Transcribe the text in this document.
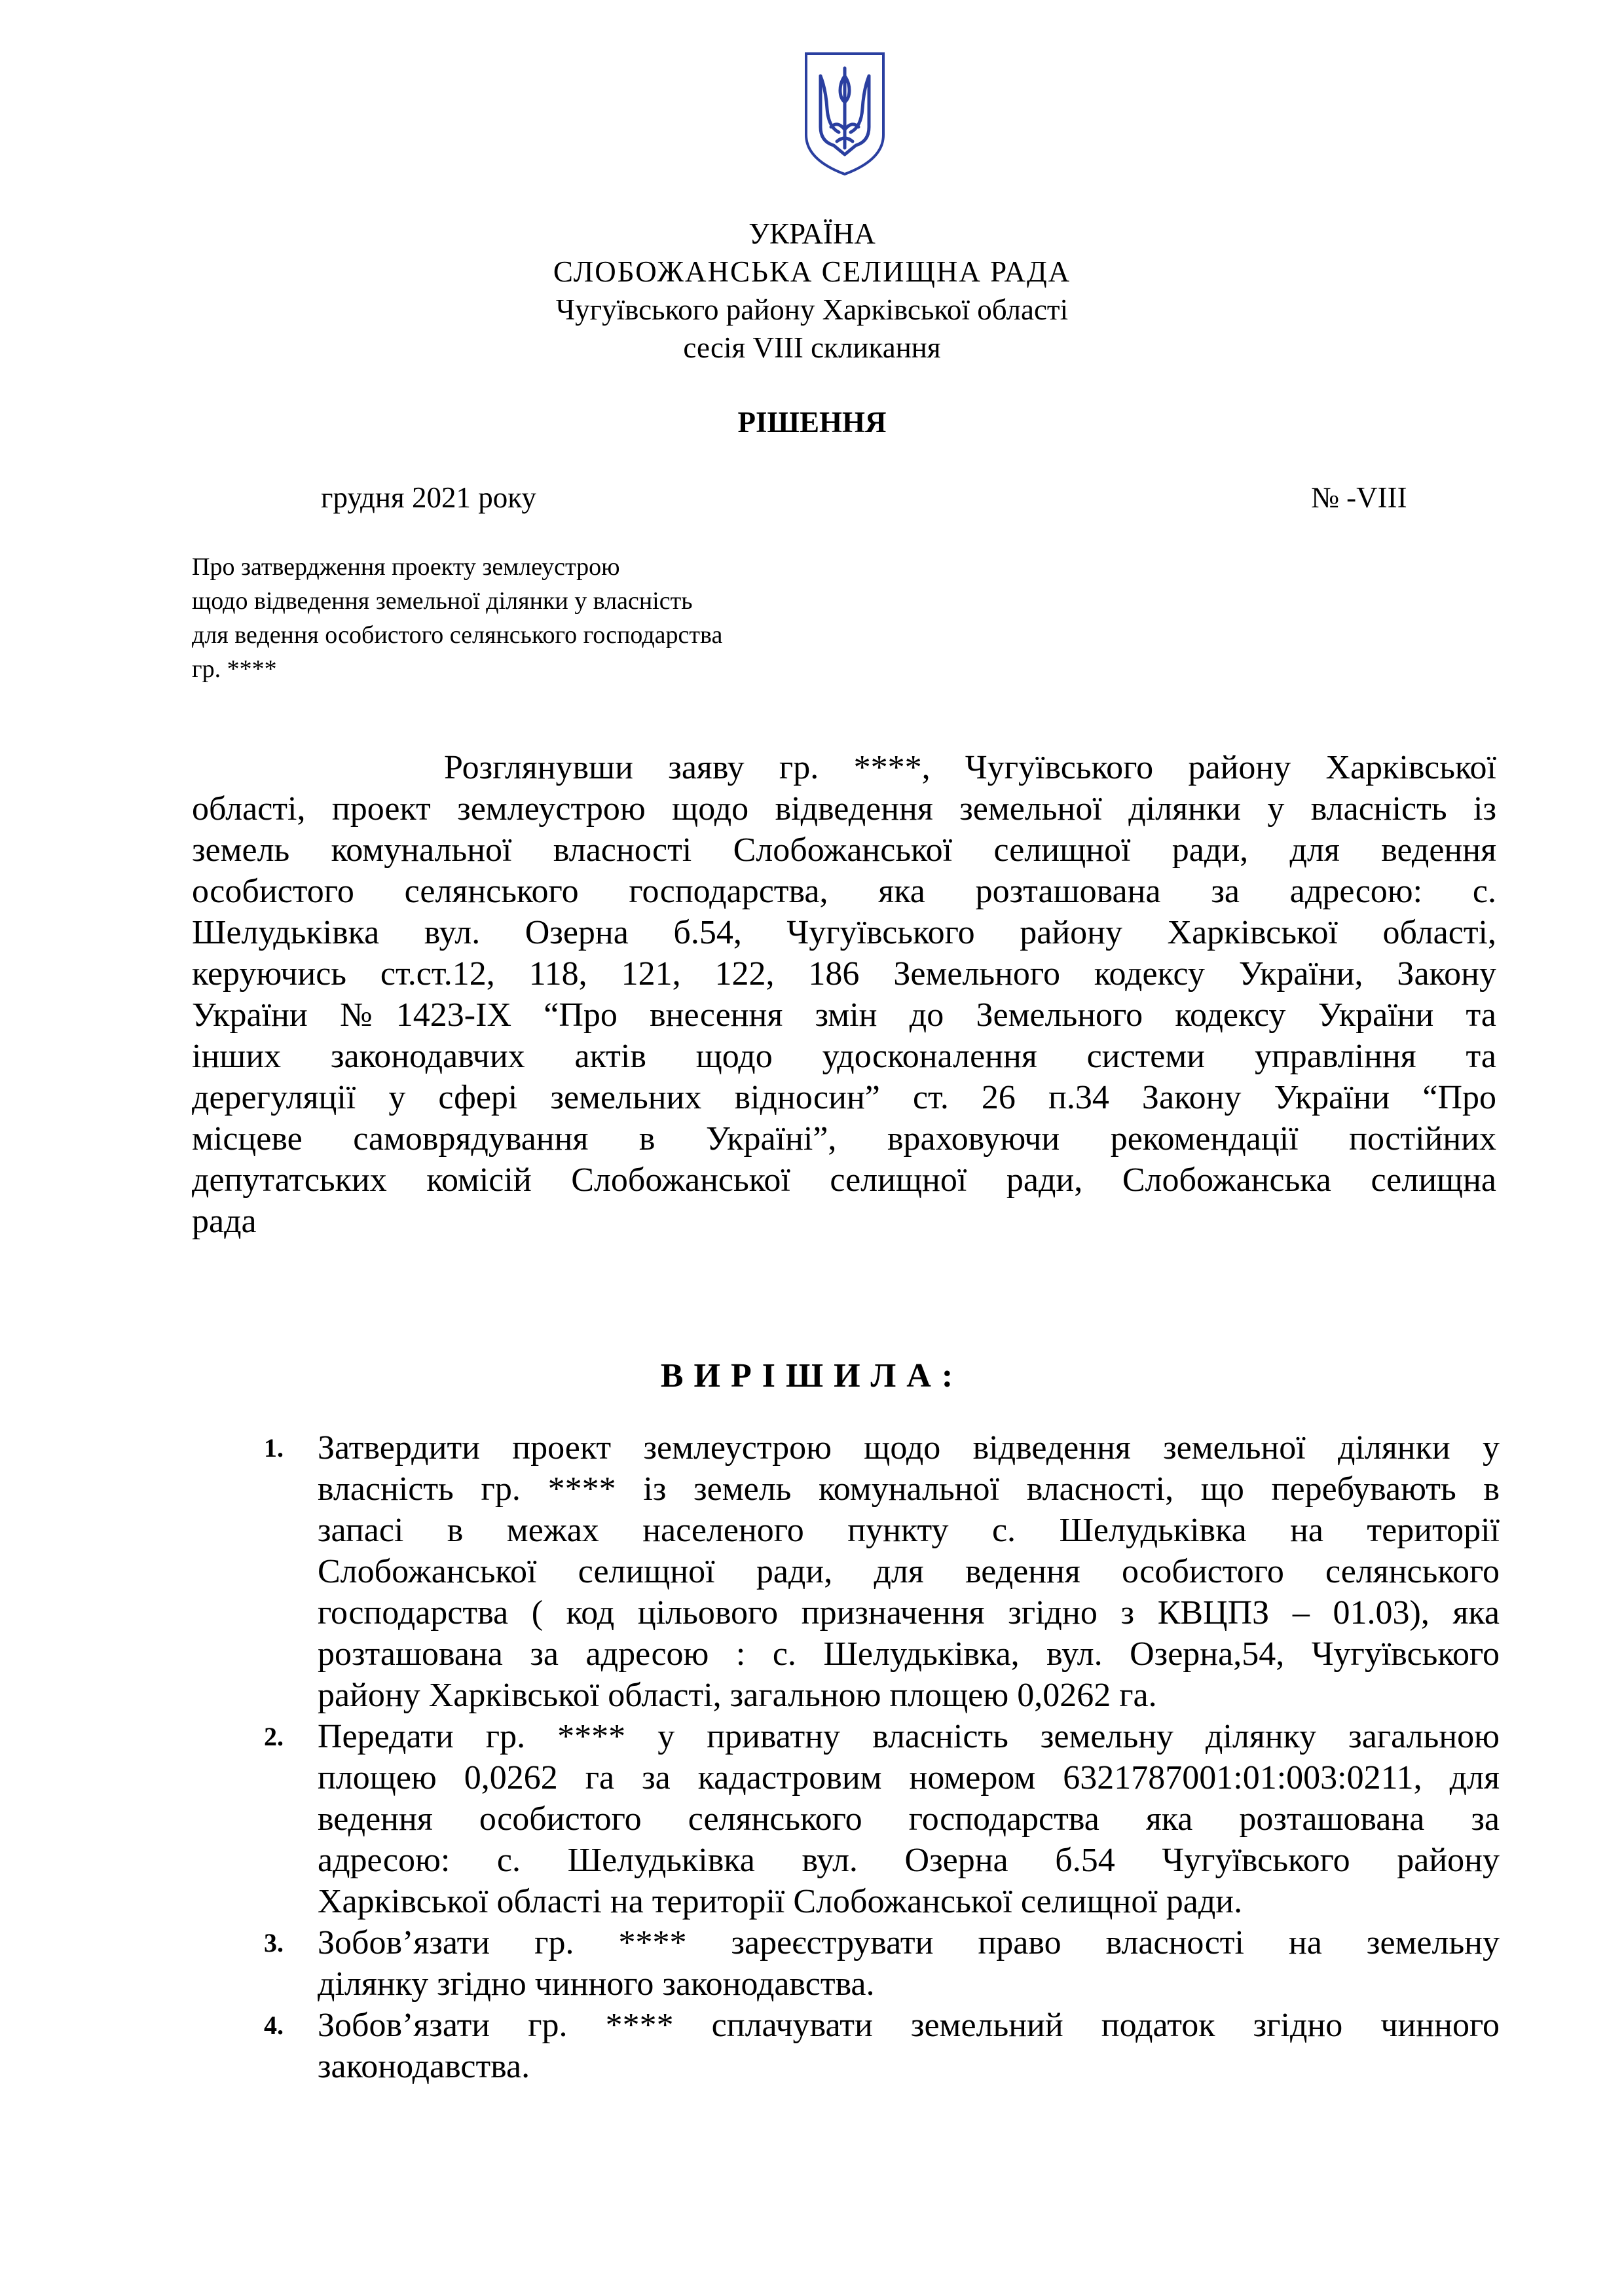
УКРАЇНА
СЛОБОЖАНСЬКА СЕЛИЩНА РАДА
Чугуївського району Харківської області
сесія VIII скликання
РІШЕННЯ
грудня 2021 року	№ -VIII
Про затвердження проекту землеустрою
щодо відведення земельної ділянки у власність
для ведення особистого селянського господарства
гр. ****
Розглянувши заяву гр. ****, Чугуївського району Харківської
області, проект землеустрою щодо відведення земельної ділянки у власність із
земель комунальної власності Слобожанської селищної ради, для ведення
особистого селянського господарства, яка розташована за адресою: с.
Шелудьківка вул. Озерна б.54, Чугуївського району Харківської області,
керуючись ст.ст.12, 118, 121, 122, 186 Земельного кодексу України, Закону
України №1423-IX “Про внесення змін до Земельного кодексу України та
інших законодавчих актів щодо удосконалення системи управління та
дерегуляції у сфері земельних відносин” ст. 26 п.34 Закону України “Про
місцеве самоврядування в Україні”, враховуючи рекомендації постійних
депутатських комісій Слобожанської селищної ради, Слобожанська селищна
рада
ВИРІШИЛА:
1. Затвердити проект землеустрою щодо відведення земельної ділянки у
власність гр. **** із земель комунальної власності, що перебувають в
запасі в межах населеного пункту с. Шелудьківка на території
Слобожанської селищної ради, для ведення особистого селянського
господарства ( код цільового призначення згідно з КВЦПЗ – 01.03), яка
розташована за адресою : с. Шелудьківка, вул. Озерна,54, Чугуївського
району Харківської області, загальною площею 0,0262 га.
2. Передати гр. **** у приватну власність земельну ділянку загальною
площею 0,0262 га за кадастровим номером 6321787001:01:003:0211, для
ведення особистого селянського господарства яка розташована за
адресою: с. Шелудьківка вул. Озерна б.54 Чугуївського району
Харківської області на території Слобожанської селищної ради.
3. Зобов’язати гр. **** зареєструвати право власності на земельну
ділянку згідно чинного законодавства.
4. Зобов’язати гр. **** сплачувати земельний податок згідно чинного
законодавства.
